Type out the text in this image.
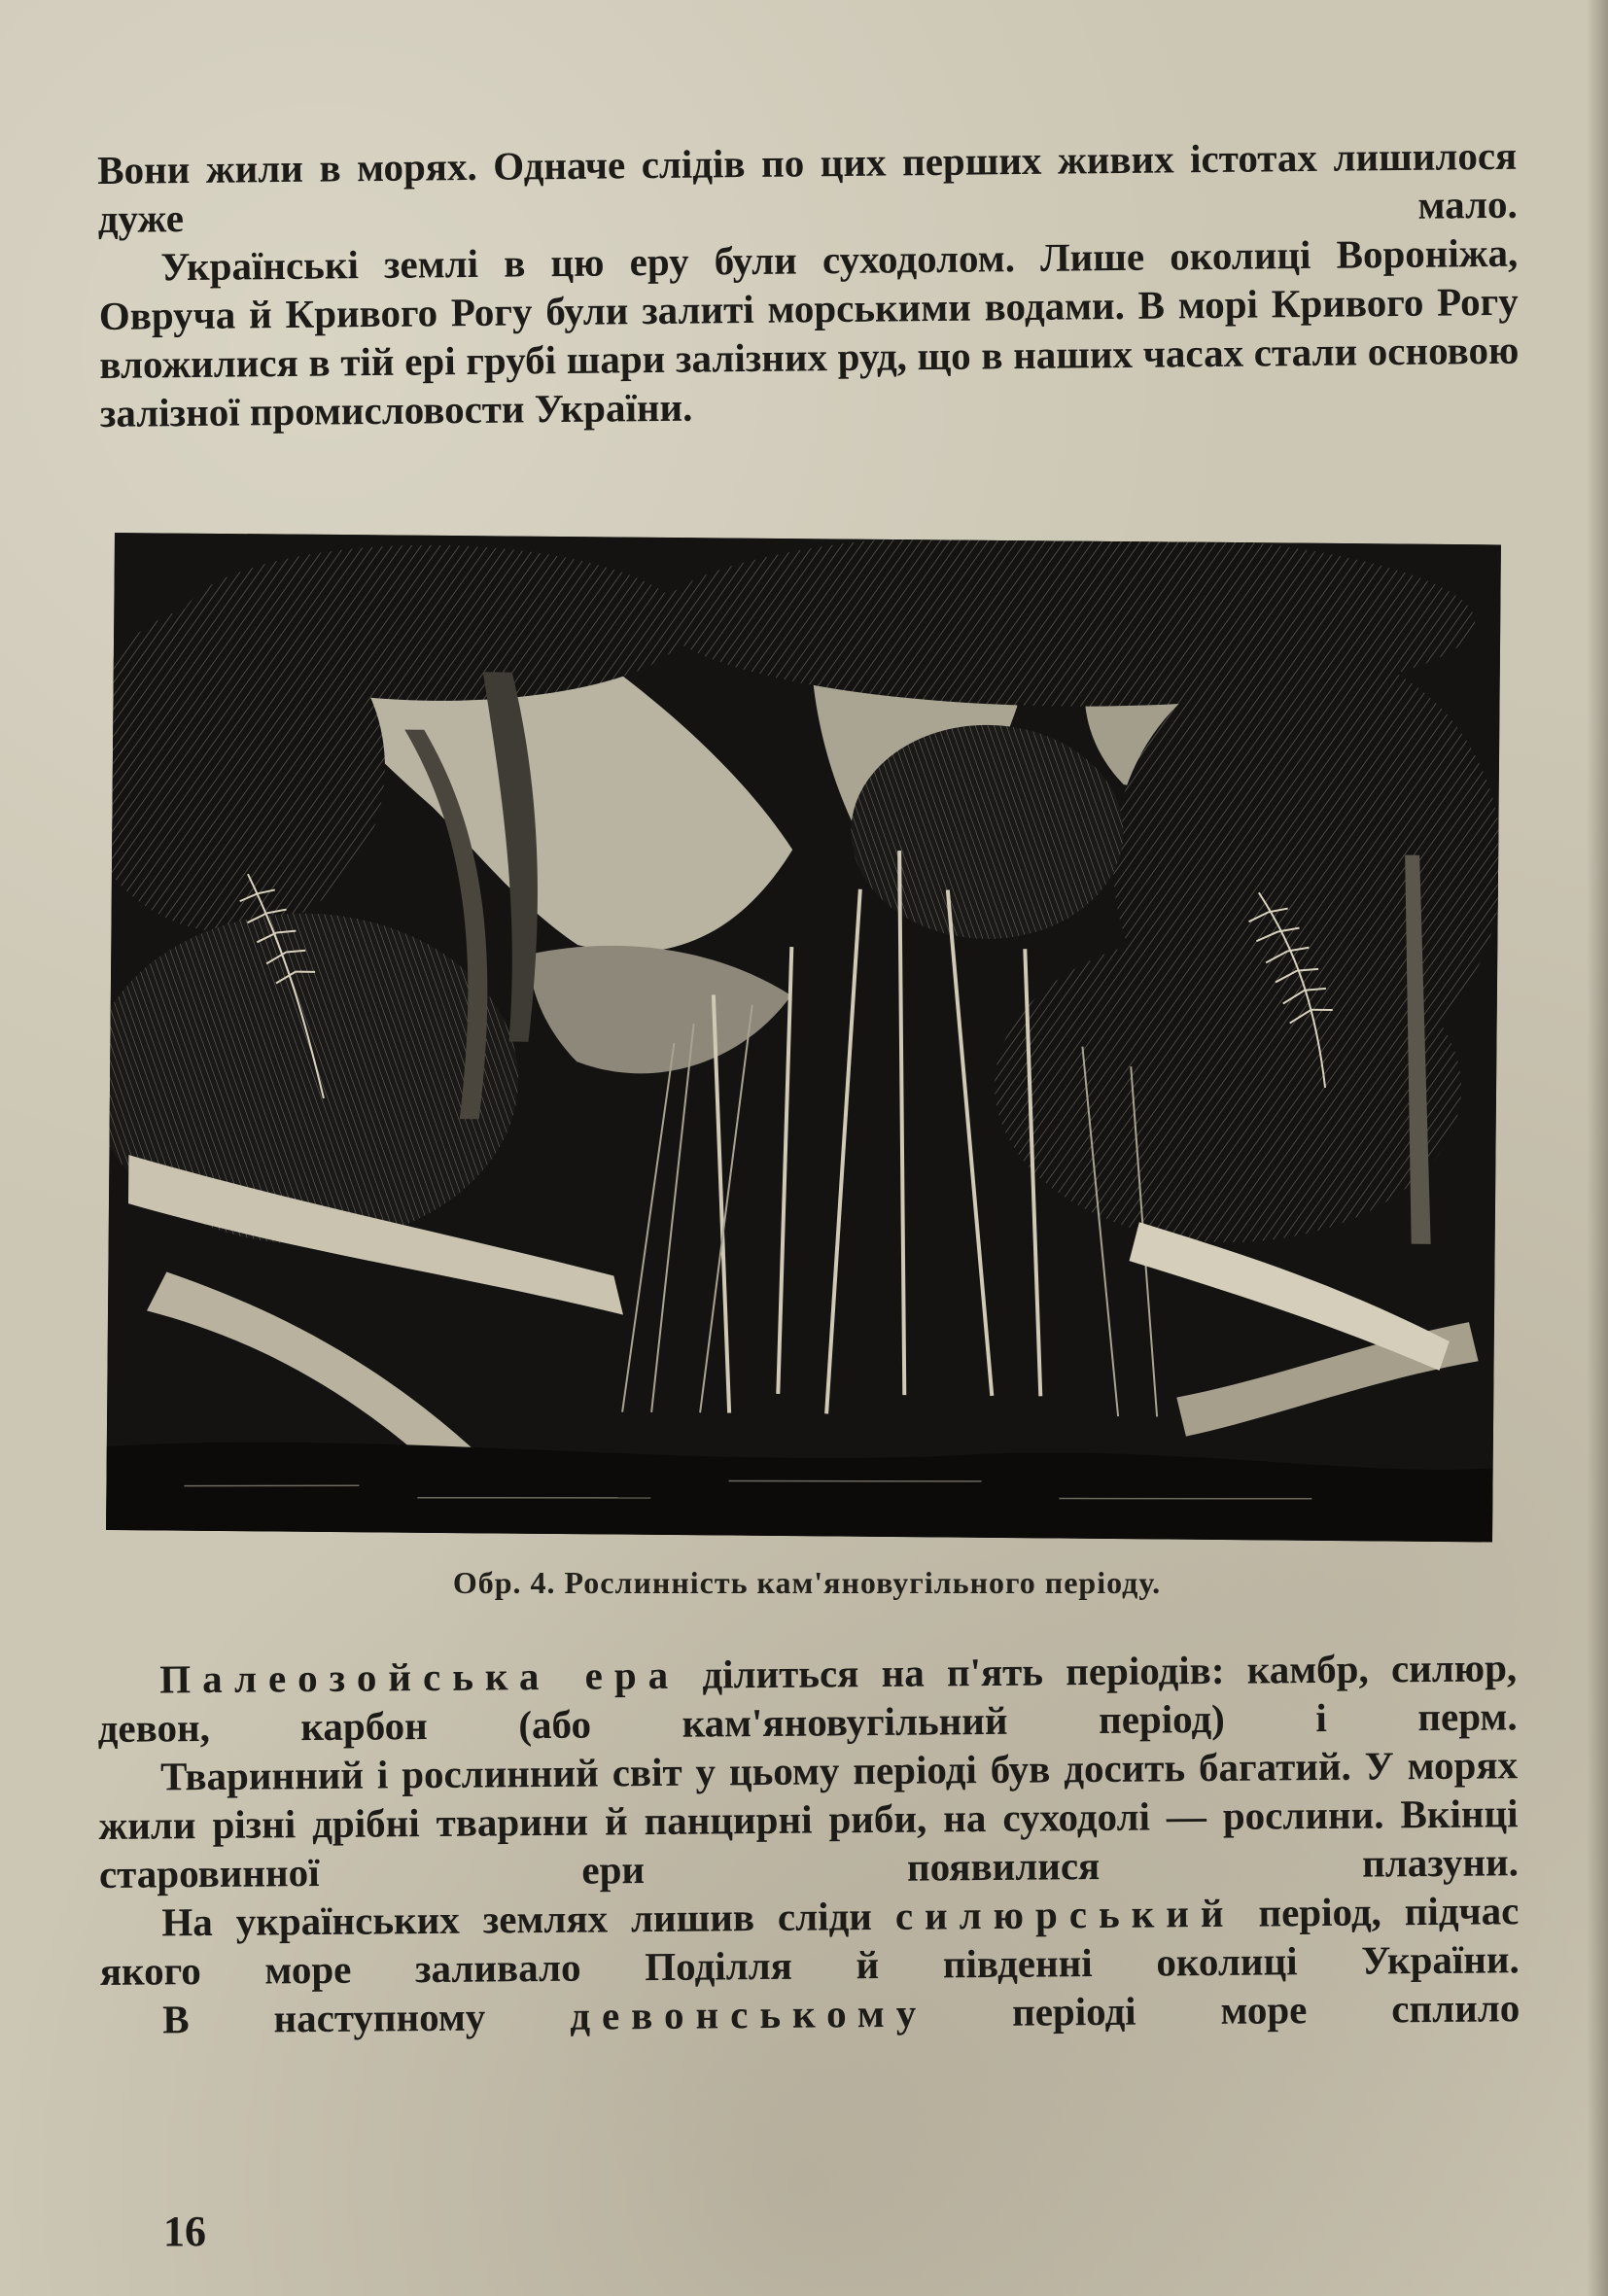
Вони жили в морях. Одначе слідів по цих перших живих істотах лишилося дуже мало.

Українські землі в цю еру були суходолом. Лише околиці Вороніжа, Овруча й Кривого Рогу були залиті морськими водами. В морі Кривого Рогу вложилися в тій ері грубі шари залізних руд, що в наших часах стали основою залізної промисловости України.

Обр. 4. Рослинність кам'яновугільного періоду.

Палеозойська ера ділиться на п'ять періодів: камбр, силюр, девон, карбон (або кам'яновугільний період) і перм.

Тваринний і рослинний світ у цьому періоді був досить багатий. У морях жили різні дрібні тварини й панцирні риби, на суходолі — рослини. Вкінці старовинної ери появилися плазуни.

На українських землях лишив сліди силюрський період, підчас якого море заливало Поділля й південні околиці України.

В наступному девонському періоді море сплило

16
